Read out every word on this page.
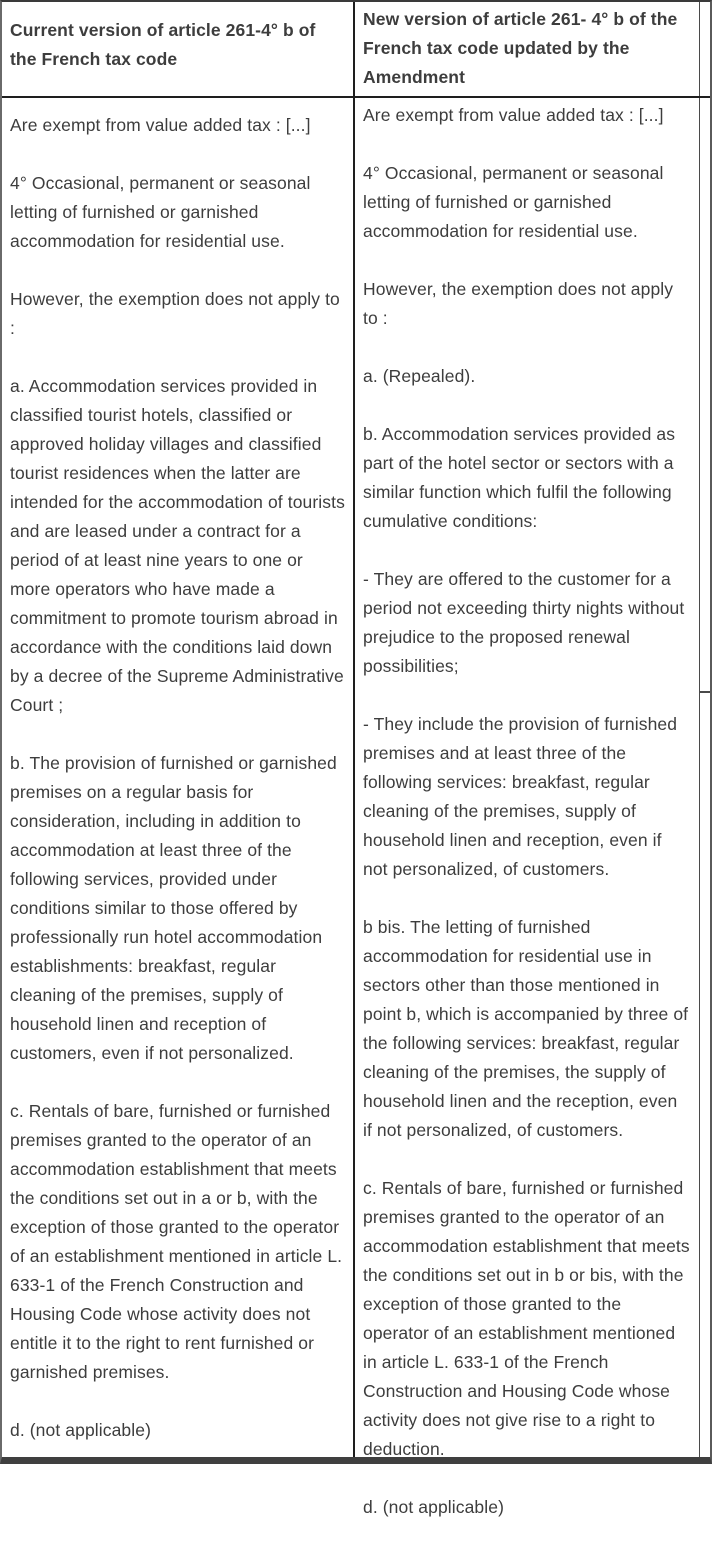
Current version of article 261-4° b of the French tax code

Are exempt from value added tax : [...]

4° Occasional, permanent or seasonal letting of furnished or garnished accommodation for residential use.

However, the exemption does not apply to :

a. Accommodation services provided in classified tourist hotels, classified or approved holiday villages and classified tourist residences when the latter are intended for the accommodation of tourists and are leased under a contract for a period of at least nine years to one or more operators who have made a commitment to promote tourism abroad in accordance with the conditions laid down by a decree of the Supreme Administrative Court ;

b. The provision of furnished or garnished premises on a regular basis for consideration, including in addition to accommodation at least three of the following services, provided under conditions similar to those offered by professionally run hotel accommodation establishments: breakfast, regular cleaning of the premises, supply of household linen and reception of customers, even if not personalized.

c. Rentals of bare, furnished or furnished premises granted to the operator of an accommodation establishment that meets the conditions set out in a or b, with the exception of those granted to the operator of an establishment mentioned in article L. 633-1 of the French Construction and Housing Code whose activity does not entitle it to the right to rent furnished or garnished premises.

d. (not applicable)

New version of article 261- 4° b of the French tax code updated by the Amendment

Are exempt from value added tax : [...]

4° Occasional, permanent or seasonal letting of furnished or garnished accommodation for residential use.

However, the exemption does not apply to :

a. (Repealed).

b. Accommodation services provided as part of the hotel sector or sectors with a similar function which fulfil the following cumulative conditions:

- They are offered to the customer for a period not exceeding thirty nights without prejudice to the proposed renewal possibilities;

- They include the provision of furnished premises and at least three of the following services: breakfast, regular cleaning of the premises, supply of household linen and reception, even if not personalized, of customers.

b bis. The letting of furnished accommodation for residential use in sectors other than those mentioned in point b, which is accompanied by three of the following services: breakfast, regular cleaning of the premises, the supply of household linen and the reception, even if not personalized, of customers.

c. Rentals of bare, furnished or furnished premises granted to the operator of an accommodation establishment that meets the conditions set out in b or bis, with the exception of those granted to the operator of an establishment mentioned in article L. 633-1 of the French Construction and Housing Code whose activity does not give rise to a right to deduction.

d. (not applicable)
